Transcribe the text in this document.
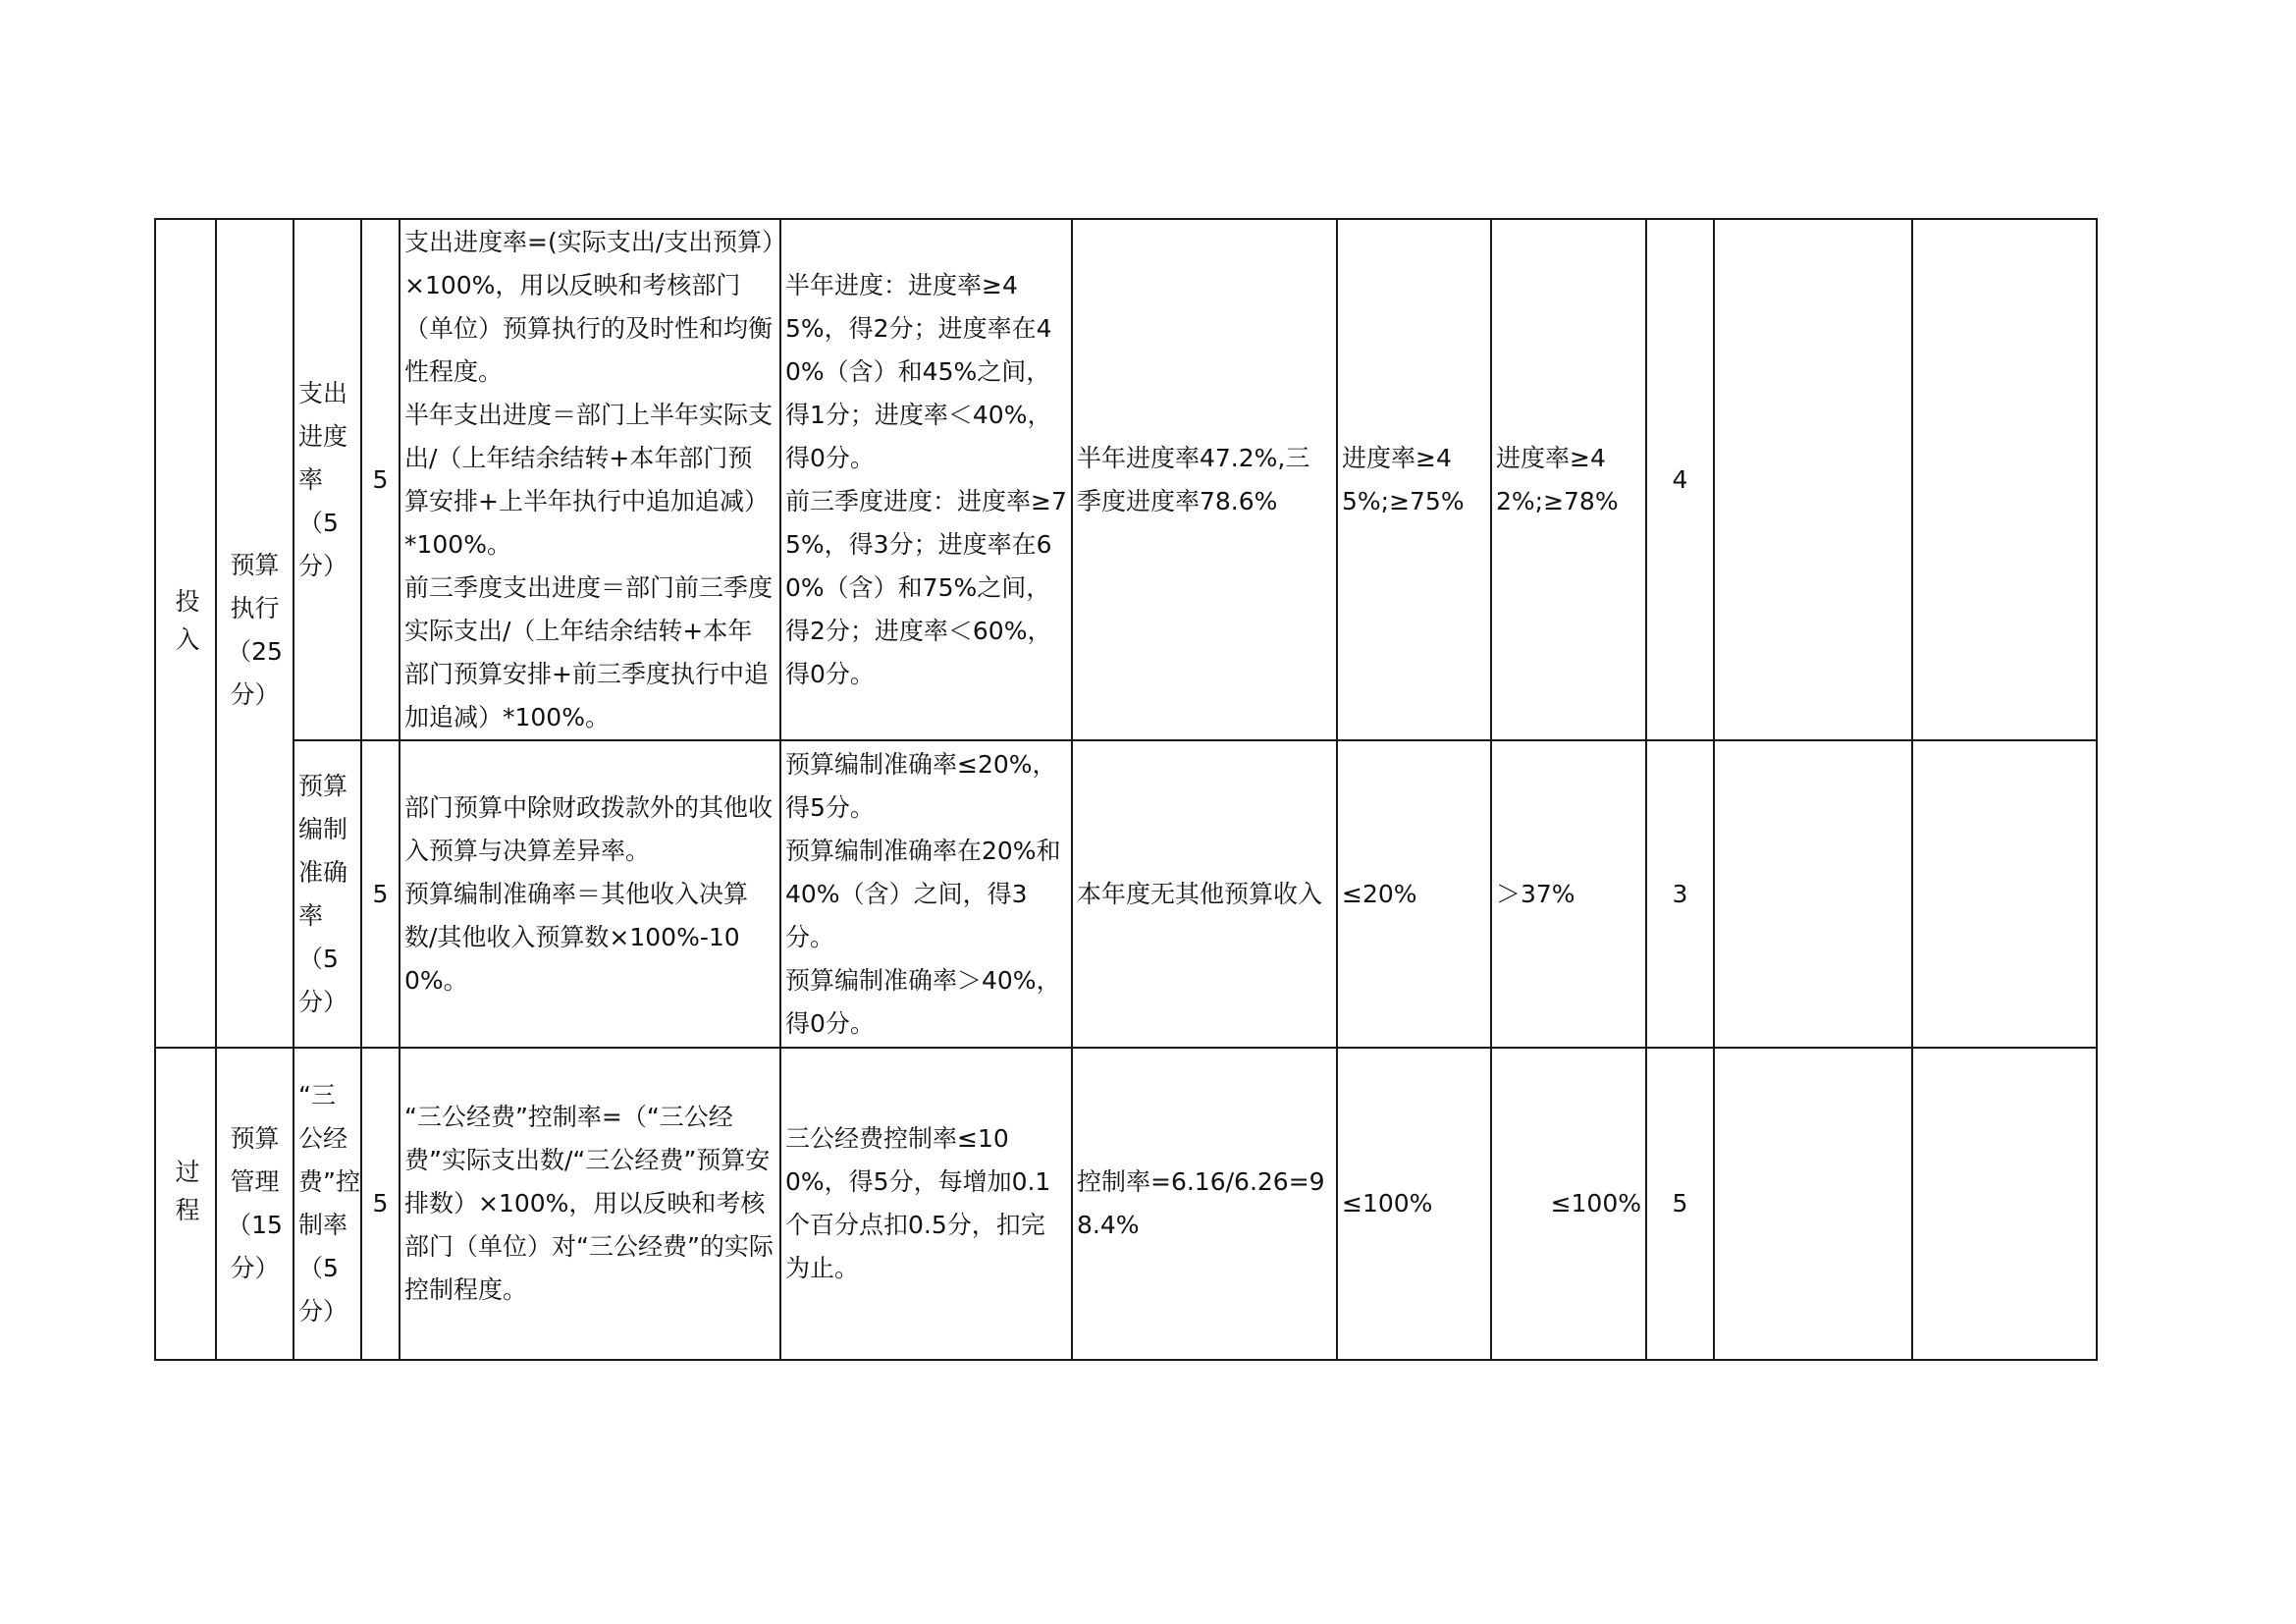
投入	预算执行（25分）	支出进度率（5分）	5	支出进度率=(实际支出/支出预算）×100%，用以反映和考核部门（单位）预算执行的及时性和均衡性程度。
半年支出进度＝部门上半年实际支出/（上年结余结转+本年部门预算安排+上半年执行中追加追减）*100%。
前三季度支出进度＝部门前三季度实际支出/（上年结余结转+本年部门预算安排+前三季度执行中追加追减）*100%。	半年进度：进度率≥45%，得2分；进度率在40%（含）和45%之间，得1分；进度率＜40%，得0分。
前三季度进度：进度率≥75%，得3分；进度率在60%（含）和75%之间，得2分；进度率＜60%，得0分。	半年进度率47.2%,三季度进度率78.6%	进度率≥45%;≥75%	进度率≥42%;≥78%	4		

		预算编制准确率（5分）	5	部门预算中除财政拨款外的其他收入预算与决算差异率。
预算编制准确率＝其他收入决算数/其他收入预算数×100%-100%。	预算编制准确率≤20%，得5分。
预算编制准确率在20%和40%（含）之间，得3分。
预算编制准确率＞40%，得0分。	本年度无其他预算收入	≤20%	＞37%	3		
过程	预算管理（15分）	“三公经费”控制率（5分）	5	“三公经费”控制率=（“三公经费”实际支出数/“三公经费”预算安排数）×100%，用以反映和考核部门（单位）对“三公经费”的实际控制程度。	三公经费控制率≤100%，得5分，每增加0.1个百分点扣0.5分，扣完为止。	控制率=6.16/6.26=98.4%	≤100%	≤100%	5		
